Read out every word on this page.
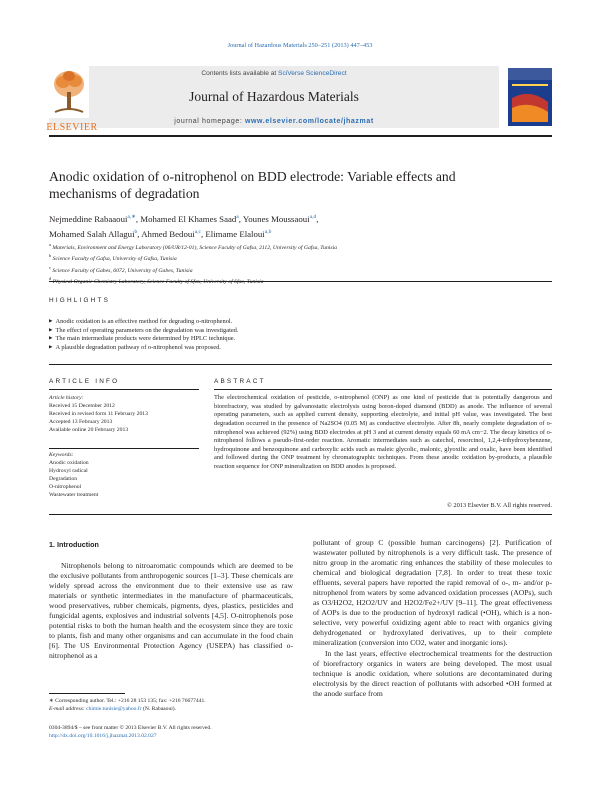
Journal of Hazardous Materials 250–251 (2013) 447–453
ELSEVIER
Contents lists available at SciVerse ScienceDirect
Journal of Hazardous Materials
journal homepage: www.elsevier.com/locate/jhazmat
Anodic oxidation of o-nitrophenol on BDD electrode: Variable effects and
mechanisms of degradation
Nejmeddine Rabaaoui$^{a,∗}$, Mohamed El Khames Saad$^a$, Younes Moussaoui$^{a,d}$,
Mohamed Salah Allagui$^b$, Ahmed Bedoui$^{a,c}$, Elimame Elaloui$^{a,b}$
$^a$ Materials, Environment and Energy Laboratory (06/UR/12-01), Science Faculty of Gafsa, 2112, University of Gafsa, Tunisia
$^b$ Science Faculty of Gafsa, University of Gafsa, Tunisia
$^c$ Science Faculty of Gabes, 6072, University of Gabes, Tunisia
$^d$ Physical Organic Chemistry Laboratory, Science Faculty of Sfax, University of Sfax, Tunisia
HIGHLIGHTS
▶ Anodic oxidation is an effective method for degrading o-nitrophenol.
▶ The effect of operating parameters on the degradation was investigated.
▶ The main intermediate products were determined by HPLC technique.
▶ A plausible degradation pathway of o-nitrophenol was proposed.
ARTICLE INFO	ABSTRACT
Article history:
Received 15 December 2012
Received in revised form 11 February 2013
Accepted 13 February 2013
Available online 20 February 2013
Keywords:
Anodic oxidation
Hydroxyl radical
Degradation
O-nitrophenol
Wastewater treatment
The electrochemical oxidation of pesticide, o-nitrophenol (ONP) as one kind of pesticide that is potentially dangerous and biorefractory, was studied by galvanostatic electrolysis using boron-doped diamond (BDD) as anode. The influence of several operating parameters, such as applied current density, supporting electrolyte, and initial pH value, was investigated. The best degradation occurred in the presence of Na2SO4 (0.05 M) as conductive electrolyte. After 8h, nearly complete degradation of o-nitrophenol was achieved (92%) using BDD electrodes at pH 3 and at current density equals 60 mA cm−2. The decay kinetics of o-nitrophenol follows a pseudo-first-order reaction. Aromatic intermediates such as catechol, resorcinol, 1,2,4-trihydroxybenzene, hydroquinone and benzoquinone and carboxylic acids such as maleic glycolic, malonic, glyoxilic and oxalic, have been identified and followed during the ONP treatment by chromatographic techniques. From these anodic oxidation by-products, a plausible reaction sequence for ONP mineralization on BDD anodes is proposed.
© 2013 Elsevier B.V. All rights reserved.
1. Introduction
Nitrophenols belong to nitroaromatic compounds which are deemed to be the exclusive pollutants from anthropogenic sources [1–3]. These chemicals are widely spread across the environment due to their extensive use as raw materials or synthetic intermediates in the manufacture of pharmaceuticals, wood preservatives, rubber chemicals, pigments, dyes, plastics, pesticides and fungicidal agents, explosives and industrial solvents [4,5]. O-nitrophenols pose potential risks to both the human health and the ecosystem since they are toxic to plants, fish and many other organisms and can accumulate in the food chain [6]. The US Environmental Protection Agency (USEPA) has classified o-nitrophenol as a
pollutant of group C (possible human carcinogens) [2]. Purification of wastewater polluted by nitrophenols is a very difficult task. The presence of nitro group in the aromatic ring enhances the stability of these molecules to chemical and biological degradation [7,8]. In order to treat these toxic effluents, several papers have reported the rapid removal of o-, m- and/or p-nitrophenol from waters by some advanced oxidation processes (AOPs), such as O3/H2O2, H2O2/UV and H2O2/Fe2+/UV [9–11]. The great effectiveness of AOPs is due to the production of hydroxyl radical (•OH), which is a non-selective, very powerful oxidizing agent able to react with organics giving dehydrogenated or hydroxylated derivatives, up to their complete mineralization (conversion into CO2, water and inorganic ions).
In the last years, effective electrochemical treatments for the destruction of biorefractory organics in waters are being developed. The most usual technique is anodic oxidation, where solutions are decontaminated during electrolysis by the direct reaction of pollutants with adsorbed •OH formed at the anode surface from
∗ Corresponding author. Tel.: +216 28 153 135; fax: +216 76677441.
E-mail address: chimie.tunisie@yahoo.fr (N. Rabaaoui).
0304-3894/$ – see front matter © 2013 Elsevier B.V. All rights reserved.
http://dx.doi.org/10.1016/j.jhazmat.2013.02.027
